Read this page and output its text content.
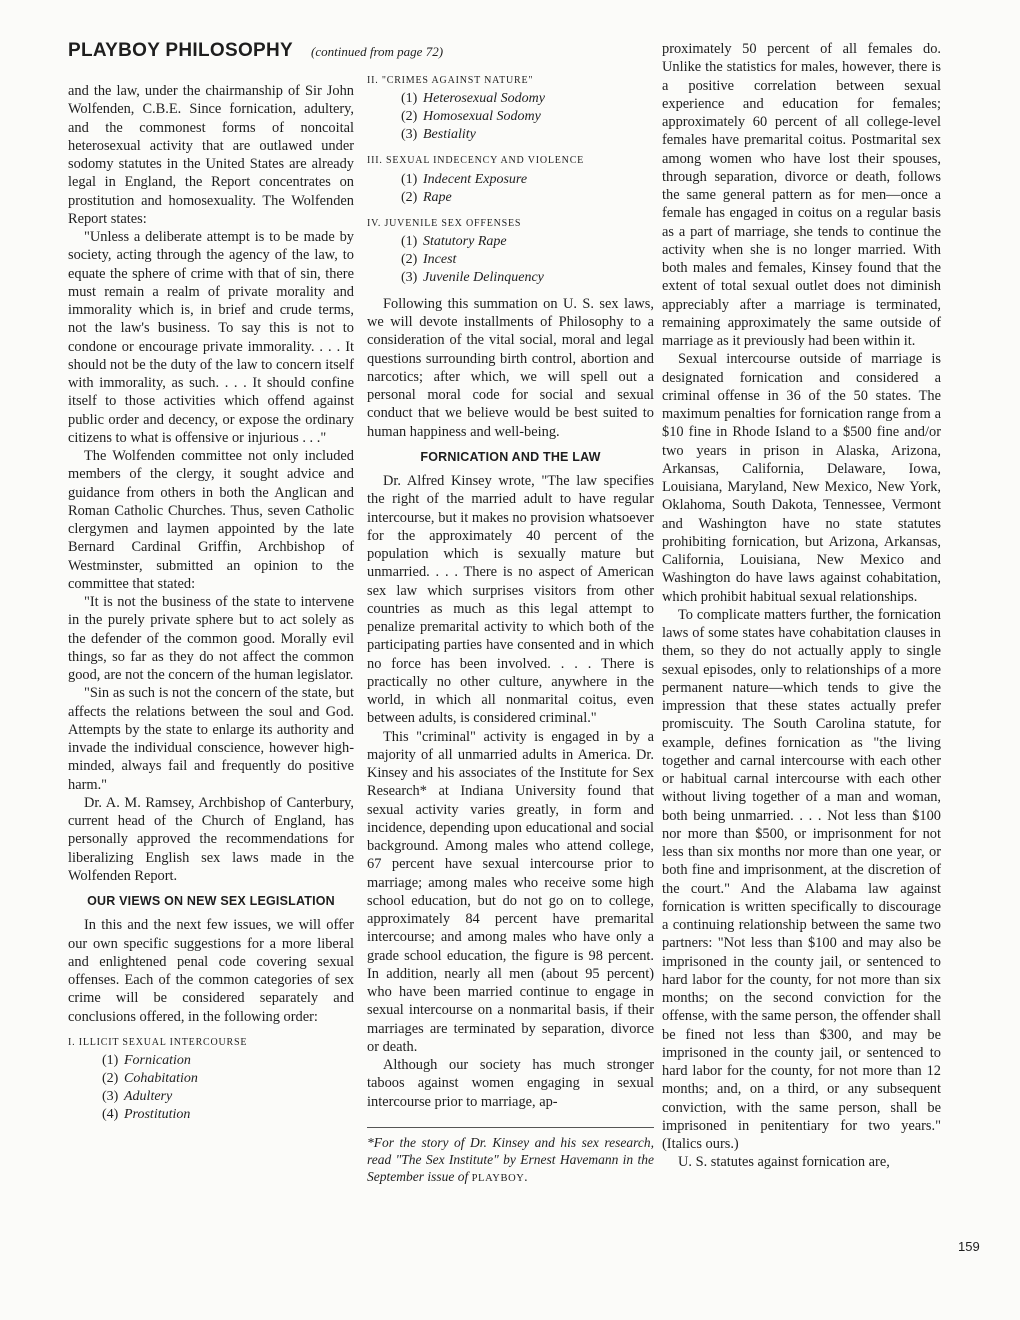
PLAYBOY PHILOSOPHY (continued from page 72)

and the law, under the chairmanship of Sir John Wolfenden, C.B.E. Since fornication, adultery, and the commonest forms of noncoital heterosexual activity that are outlawed under sodomy statutes in the United States are already legal in England, the Report concentrates on prostitution and homosexuality. The Wolfenden Report states:

"Unless a deliberate attempt is to be made by society, acting through the agency of the law, to equate the sphere of crime with that of sin, there must remain a realm of private morality and immorality which is, in brief and crude terms, not the law's business. To say this is not to condone or encourage private immorality. . . . It should not be the duty of the law to concern itself with immorality, as such. . . . It should confine itself to those activities which offend against public order and decency, or expose the ordinary citizens to what is offensive or injurious . . ."

The Wolfenden committee not only included members of the clergy, it sought advice and guidance from others in both the Anglican and Roman Catholic Churches. Thus, seven Catholic clergymen and laymen appointed by the late Bernard Cardinal Griffin, Archbishop of Westminster, submitted an opinion to the committee that stated:

"It is not the business of the state to intervene in the purely private sphere but to act solely as the defender of the common good. Morally evil things, so far as they do not affect the common good, are not the concern of the human legislator.

"Sin as such is not the concern of the state, but affects the relations between the soul and God. Attempts by the state to enlarge its authority and invade the individual conscience, however high-minded, always fail and frequently do positive harm."

Dr. A. M. Ramsey, Archbishop of Canterbury, current head of the Church of England, has personally approved the recommendations for liberalizing English sex laws made in the Wolfenden Report.

OUR VIEWS ON NEW SEX LEGISLATION

In this and the next few issues, we will offer our own specific suggestions for a more liberal and enlightened penal code covering sexual offenses. Each of the common categories of sex crime will be considered separately and conclusions offered, in the following order:

I. ILLICIT SEXUAL INTERCOURSE
(1) Fornication
(2) Cohabitation
(3) Adultery
(4) Prostitution
II. "CRIMES AGAINST NATURE"
(1) Heterosexual Sodomy
(2) Homosexual Sodomy
(3) Bestiality
III. SEXUAL INDECENCY AND VIOLENCE
(1) Indecent Exposure
(2) Rape
IV. JUVENILE SEX OFFENSES
(1) Statutory Rape
(2) Incest
(3) Juvenile Delinquency

Following this summation on U. S. sex laws, we will devote installments of Philosophy to a consideration of the vital social, moral and legal questions surrounding birth control, abortion and narcotics; after which, we will spell out a personal moral code for social and sexual conduct that we believe would be best suited to human happiness and well-being.

FORNICATION AND THE LAW

Dr. Alfred Kinsey wrote, "The law specifies the right of the married adult to have regular intercourse, but it makes no provision whatsoever for the approximately 40 percent of the population which is sexually mature but unmarried. . . . There is no aspect of American sex law which surprises visitors from other countries as much as this legal attempt to penalize premarital activity to which both of the participating parties have consented and in which no force has been involved. . . . There is practically no other culture, anywhere in the world, in which all nonmarital coitus, even between adults, is considered criminal."

This "criminal" activity is engaged in by a majority of all unmarried adults in America. Dr. Kinsey and his associates of the Institute for Sex Research* at Indiana University found that sexual activity varies greatly, in form and incidence, depending upon educational and social background. Among males who attend college, 67 percent have sexual intercourse prior to marriage; among males who receive some high school education, but do not go on to college, approximately 84 percent have premarital intercourse; and among males who have only a grade school education, the figure is 98 percent. In addition, nearly all men (about 95 percent) who have been married continue to engage in sexual intercourse on a nonmarital basis, if their marriages are terminated by separation, divorce or death.

Although our society has much stronger taboos against women engaging in sexual intercourse prior to marriage, ap-

*For the story of Dr. Kinsey and his sex research, read "The Sex Institute" by Ernest Havemann in the September issue of PLAYBOY.

proximately 50 percent of all females do. Unlike the statistics for males, however, there is a positive correlation between sexual experience and education for females; approximately 60 percent of all college-level females have premarital coitus. Postmarital sex among women who have lost their spouses, through separation, divorce or death, follows the same general pattern as for men—once a female has engaged in coitus on a regular basis as a part of marriage, she tends to continue the activity when she is no longer married. With both males and females, Kinsey found that the extent of total sexual outlet does not diminish appreciably after a marriage is terminated, remaining approximately the same outside of marriage as it previously had been within it.

Sexual intercourse outside of marriage is designated fornication and considered a criminal offense in 36 of the 50 states. The maximum penalties for fornication range from a $10 fine in Rhode Island to a $500 fine and/or two years in prison in Alaska, Arizona, Arkansas, California, Delaware, Iowa, Louisiana, Maryland, New Mexico, New York, Oklahoma, South Dakota, Tennessee, Vermont and Washington have no state statutes prohibiting fornication, but Arizona, Arkansas, California, Louisiana, New Mexico and Washington do have laws against cohabitation, which prohibit habitual sexual relationships.

To complicate matters further, the fornication laws of some states have cohabitation clauses in them, so they do not actually apply to single sexual episodes, only to relationships of a more permanent nature—which tends to give the impression that these states actually prefer promiscuity. The South Carolina statute, for example, defines fornication as "the living together and carnal intercourse with each other or habitual carnal intercourse with each other without living together of a man and woman, both being unmarried. . . . Not less than $100 nor more than $500, or imprisonment for not less than six months nor more than one year, or both fine and imprisonment, at the discretion of the court." And the Alabama law against fornication is written specifically to discourage a continuing relationship between the same two partners: "Not less than $100 and may also be imprisoned in the county jail, or sentenced to hard labor for the county, for not more than six months; on the second conviction for the offense, with the same person, the offender shall be fined not less than $300, and may be imprisoned in the county jail, or sentenced to hard labor for the county, for not more than 12 months; and, on a third, or any subsequent conviction, with the same person, shall be imprisoned in penitentiary for two years." (Italics ours.)

U. S. statutes against fornication are,

159
